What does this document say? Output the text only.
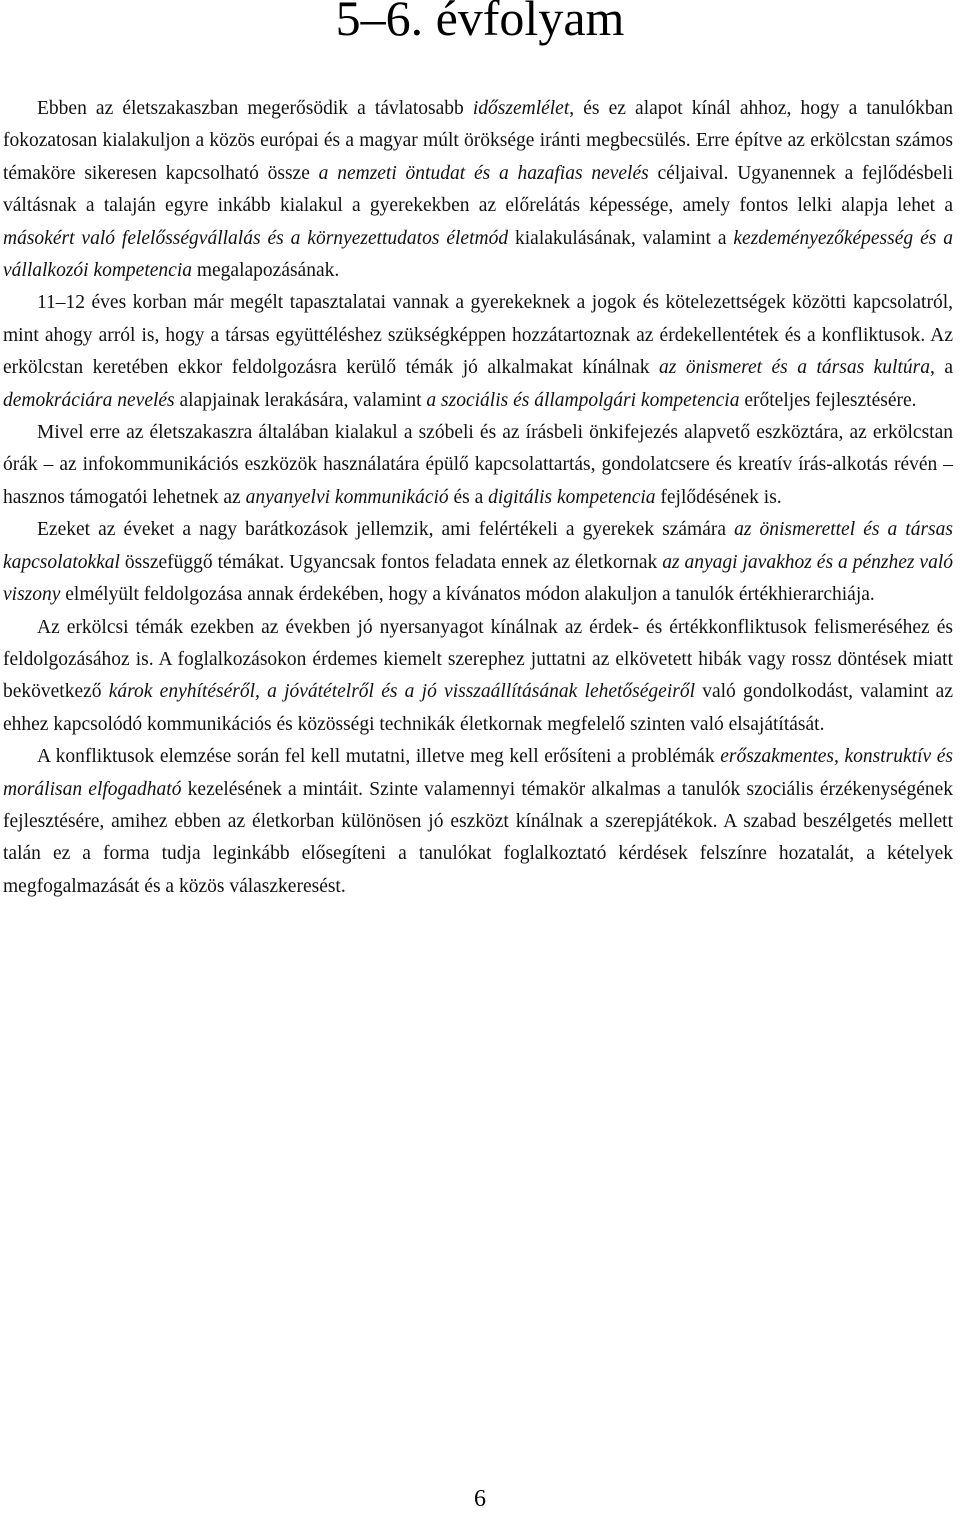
5–6. évfolyam

Ebben az életszakaszban megerősödik a távlatosabb időszemlélet, és ez alapot kínál ahhoz, hogy a tanulókban fokozatosan kialakuljon a közös európai és a magyar múlt öröksége iránti megbecsülés. Erre építve az erkölcstan számos témaköre sikeresen kapcsolható össze a nemzeti öntudat és a hazafias nevelés céljaival. Ugyanennek a fejlődésbeli váltásnak a talaján egyre inkább kialakul a gyerekekben az előrelátás képessége, amely fontos lelki alapja lehet a másokért való felelősségvállalás és a környezettudatos életmód kialakulásának, valamint a kezdeményezőképesség és a vállalkozói kompetencia megalapozásának.

11–12 éves korban már megélt tapasztalatai vannak a gyerekeknek a jogok és kötelezettségek közötti kapcsolatról, mint ahogy arról is, hogy a társas együttéléshez szükségképpen hozzátartoznak az érdekellentétek és a konfliktusok. Az erkölcstan keretében ekkor feldolgozásra kerülő témák jó alkalmakat kínálnak az önismeret és a társas kultúra, a demokráciára nevelés alapjainak lerakására, valamint a szociális és állampolgári kompetencia erőteljes fejlesztésére.

Mivel erre az életszakaszra általában kialakul a szóbeli és az írásbeli önkifejezés alapvető eszköztára, az erkölcstan órák – az infokommunikációs eszközök használatára épülő kapcsolattartás, gondolatcsere és kreatív írás-alkotás révén – hasznos támogatói lehetnek az anyanyelvi kommunikáció és a digitális kompetencia fejlődésének is.

Ezeket az éveket a nagy barátkozások jellemzik, ami felértékeli a gyerekek számára az önismerettel és a társas kapcsolatokkal összefüggő témákat. Ugyancsak fontos feladata ennek az életkornak az anyagi javakhoz és a pénzhez való viszony elmélyült feldolgozása annak érdekében, hogy a kívánatos módon alakuljon a tanulók értékhierarchiája.

Az erkölcsi témák ezekben az években jó nyersanyagot kínálnak az érdek- és értékkonfliktusok felismeréséhez és feldolgozásához is. A foglalkozásokon érdemes kiemelt szerephez juttatni az elkövetett hibák vagy rossz döntések miatt bekövetkező károk enyhítéséről, a jóvátételről és a jó visszaállításának lehetőségeiről való gondolkodást, valamint az ehhez kapcsolódó kommunikációs és közösségi technikák életkornak megfelelő szinten való elsajátítását.

A konfliktusok elemzése során fel kell mutatni, illetve meg kell erősíteni a problémák erőszakmentes, konstruktív és morálisan elfogadható kezelésének a mintáit. Szinte valamennyi témakör alkalmas a tanulók szociális érzékenységének fejlesztésére, amihez ebben az életkorban különösen jó eszközt kínálnak a szerepjátékok. A szabad beszélgetés mellett talán ez a forma tudja leginkább elősegíteni a tanulókat foglalkoztató kérdések felszínre hozatalát, a kételyek megfogalmazását és a közös válaszkeresést.

6
